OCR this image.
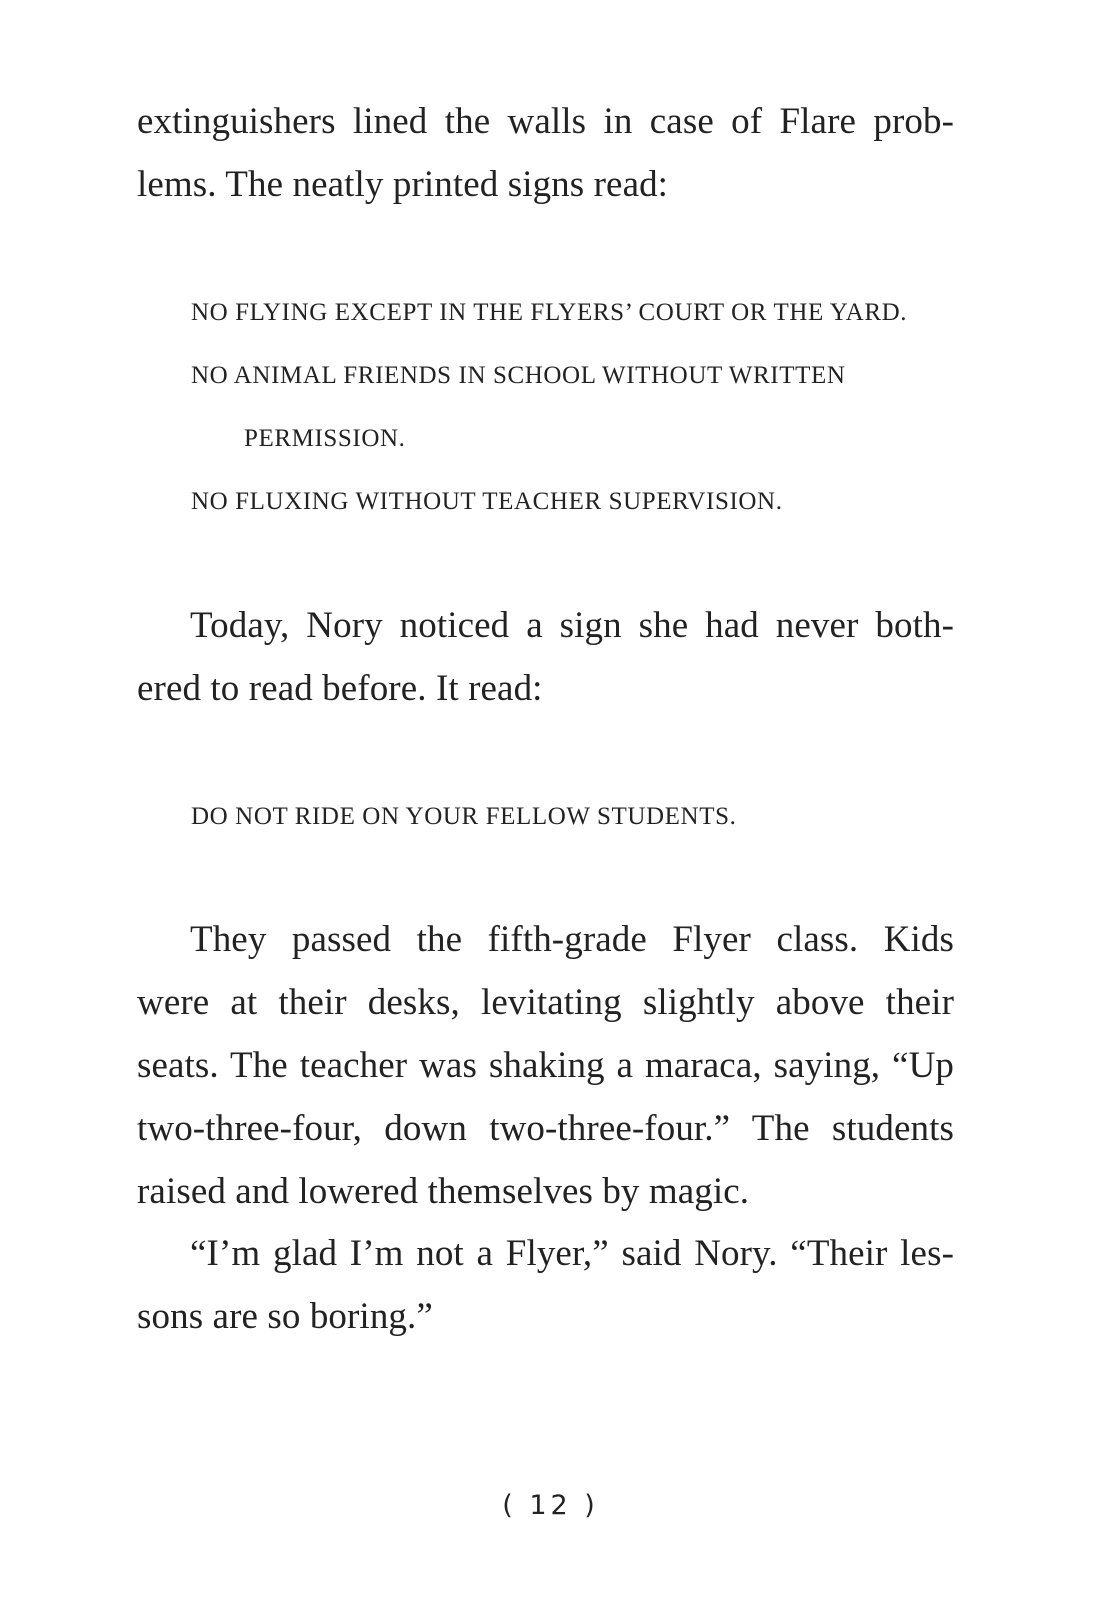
extinguishers lined the walls in case of Flare prob-
lems. The neatly printed signs read:
NO FLYING EXCEPT IN THE FLYERS’ COURT OR THE YARD.
NO ANIMAL FRIENDS IN SCHOOL WITHOUT WRITTEN
PERMISSION.
NO FLUXING WITHOUT TEACHER SUPERVISION.
Today, Nory noticed a sign she had never both-
ered to read before. It read:
DO NOT RIDE ON YOUR FELLOW STUDENTS.
They passed the fifth-grade Flyer class. Kids
were at their desks, levitating slightly above their
seats. The teacher was shaking a maraca, saying, “Up
two-three-four, down two-three-four.” The students
raised and lowered themselves by magic.
“I’m glad I’m not a Flyer,” said Nory. “Their les-
sons are so boring.”
( 12 )
